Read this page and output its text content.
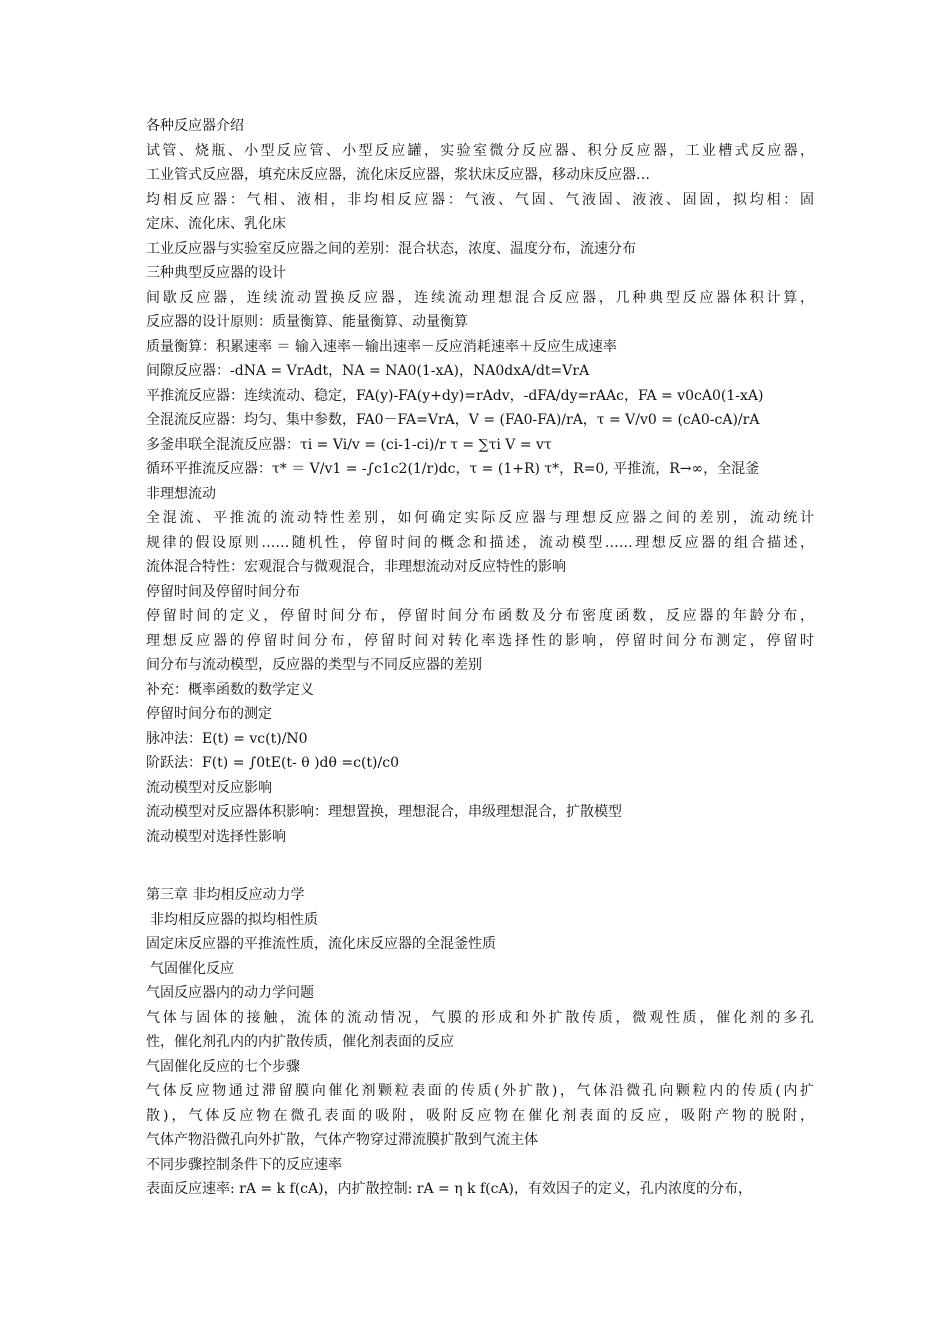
各种反应器介绍
试管、烧瓶、小型反应管、小型反应罐，实验室微分反应器、积分反应器，工业槽式反应器，
工业管式反应器，填充床反应器，流化床反应器，浆状床反应器，移动床反应器…
均相反应器：气相、液相，非均相反应器：气液、气固、气液固、液液、固固，拟均相：固
定床、流化床、乳化床
工业反应器与实验室反应器之间的差别：混合状态，浓度、温度分布，流速分布
三种典型反应器的设计
间歇反应器，连续流动置换反应器，连续流动理想混合反应器，几种典型反应器体积计算，
反应器的设计原则：质量衡算、能量衡算、动量衡算
质量衡算：积累速率 ＝ 输入速率－输出速率－反应消耗速率＋反应生成速率
间隙反应器：-dNA = VrAdt，NA = NA0(1-xA)，NA0dxA/dt=VrA
平推流反应器：连续流动、稳定，FA(y)-FA(y+dy)=rAdv，-dFA/dy=rAAc，FA = v0cA0(1-xA)
全混流反应器：均匀、集中参数，FA0－FA=VrA，V = (FA0-FA)/rA，τ = V/v0 = (cA0-cA)/rA
多釜串联全混流反应器：τi = Vi/v = (ci-1-ci)/r τ = ∑τi V = vτ
循环平推流反应器：τ* ＝ V/v1 = -∫c1c2(1/r)dc，τ = (1+R) τ*，R=0, 平推流，R→∞，全混釜
非理想流动
全混流、平推流的流动特性差别，如何确定实际反应器与理想反应器之间的差别，流动统计
规律的假设原则……随机性，停留时间的概念和描述，流动模型……理想反应器的组合描述，
流体混合特性：宏观混合与微观混合，非理想流动对反应特性的影响
停留时间及停留时间分布
停留时间的定义，停留时间分布，停留时间分布函数及分布密度函数，反应器的年龄分布，
理想反应器的停留时间分布，停留时间对转化率选择性的影响，停留时间分布测定，停留时
间分布与流动模型，反应器的类型与不同反应器的差别
补充：概率函数的数学定义
停留时间分布的测定
脉冲法：E(t) = vc(t)/N0
阶跃法：F(t) = ∫0tE(t- θ )dθ =c(t)/c0
流动模型对反应影响
流动模型对反应器体积影响：理想置换，理想混合，串级理想混合，扩散模型
流动模型对选择性影响
第三章 非均相反应动力学
非均相反应器的拟均相性质
固定床反应器的平推流性质，流化床反应器的全混釜性质
气固催化反应
气固反应器内的动力学问题
气体与固体的接触，流体的流动情况，气膜的形成和外扩散传质，微观性质，催化剂的多孔
性，催化剂孔内的内扩散传质，催化剂表面的反应
气固催化反应的七个步骤
气体反应物通过滞留膜向催化剂颗粒表面的传质(外扩散)，气体沿微孔向颗粒内的传质(内扩
散)，气体反应物在微孔表面的吸附，吸附反应物在催化剂表面的反应，吸附产物的脱附，
气体产物沿微孔向外扩散，气体产物穿过滞流膜扩散到气流主体
不同步骤控制条件下的反应速率
表面反应速率: rA = k f(cA)，内扩散控制: rA = η k f(cA)，有效因子的定义，孔内浓度的分布，
